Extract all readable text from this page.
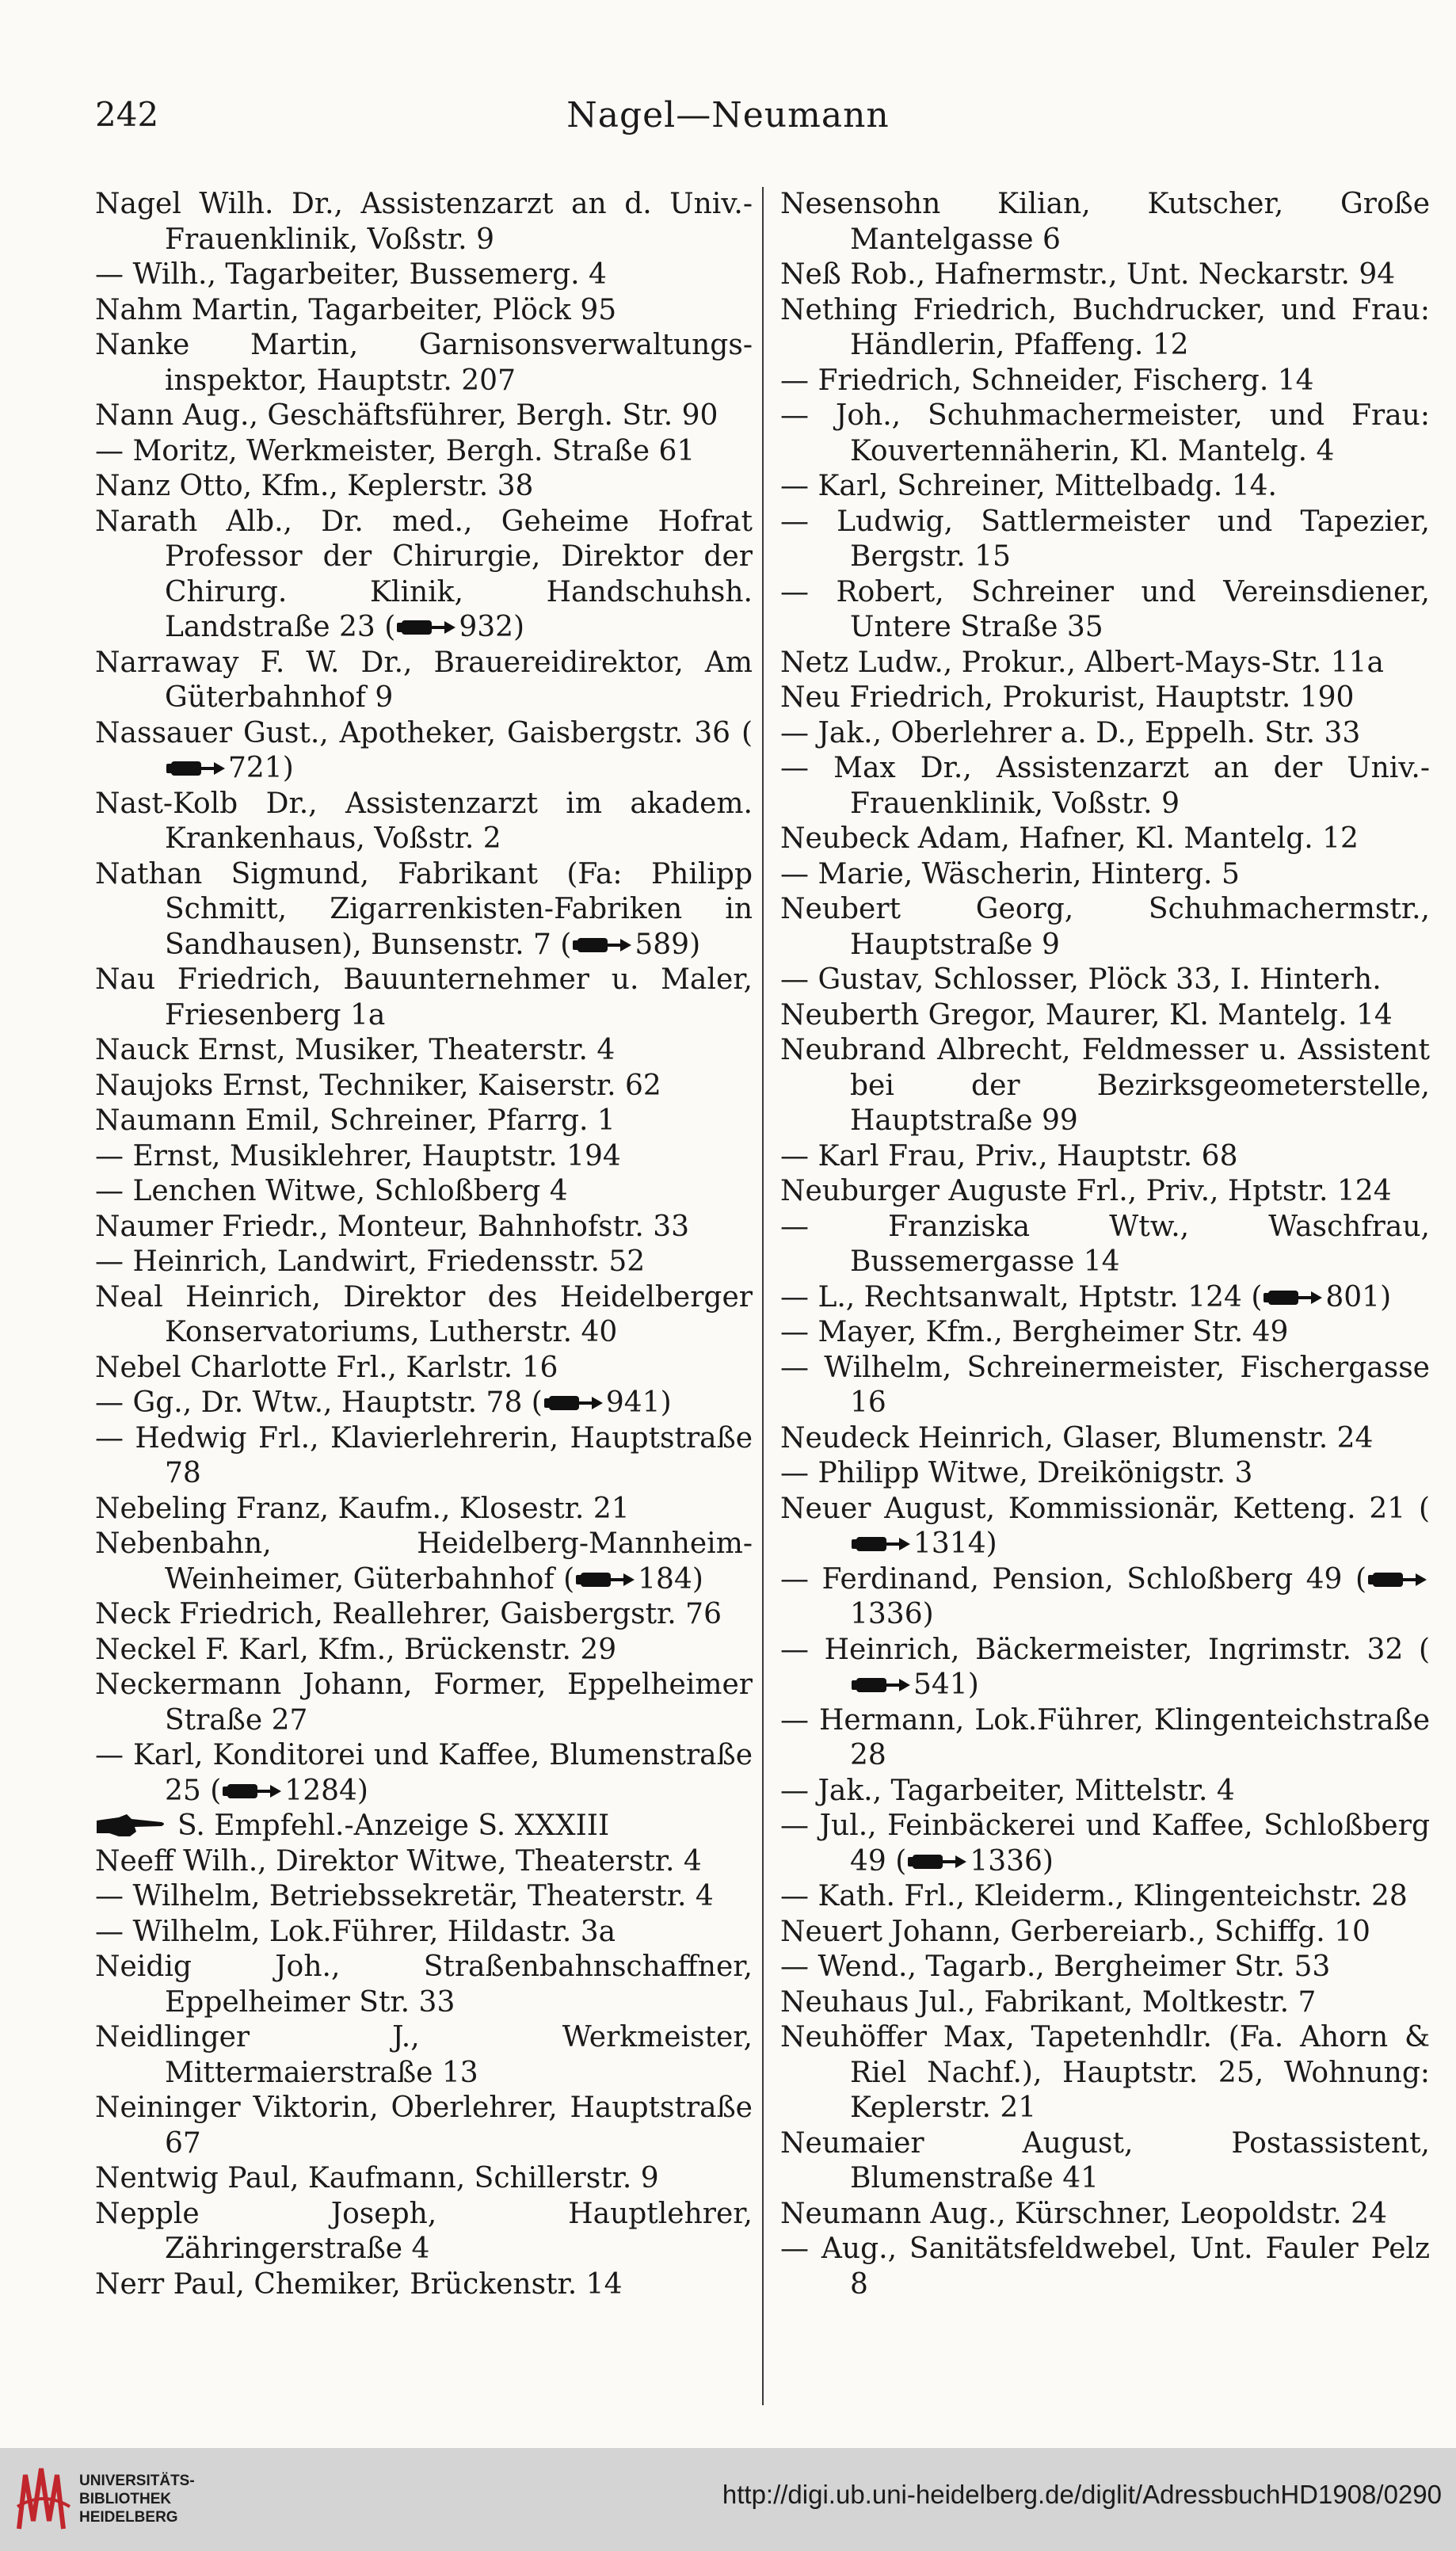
242	Nagel—Neumann

Nagel Wilh. Dr., Assistenzarzt an d. Univ.-Frauenklinik, Voßstr. 9

— Wilh., Tagarbeiter, Bussemerg. 4

Nahm Martin, Tagarbeiter, Plöck 95

Nanke Martin, Garnisonsverwaltungs-inspektor, Hauptstr. 207

Nann Aug., Geschäftsführer, Bergh. Str. 90

— Moritz, Werkmeister, Bergh. Straße 61

Nanz Otto, Kfm., Keplerstr. 38

Narath Alb., Dr. med., Geheime Hofrat Professor der Chirurgie, Direktor der Chirurg. Klinik, Handschuhsh. Landstraße 23 ( 932)

Narraway F. W. Dr., Brauereidirektor, Am Güterbahnhof 9

Nassauer Gust., Apotheker, Gaisbergstr. 36 (721)

Nast-Kolb Dr., Assistenzarzt im akadem. Krankenhaus, Voßstr. 2

Nathan Sigmund, Fabrikant (Fa: Philipp Schmitt, Zigarrenkisten-Fabriken in Sandhausen), Bunsenstr. 7 ( 589)

Nau Friedrich, Bauunternehmer u. Maler, Friesenberg 1a

Nauck Ernst, Musiker, Theaterstr. 4

Naujoks Ernst, Techniker, Kaiserstr. 62

Naumann Emil, Schreiner, Pfarrg. 1

— Ernst, Musiklehrer, Hauptstr. 194

— Lenchen Witwe, Schloßberg 4

Naumer Friedr., Monteur, Bahnhofstr. 33

— Heinrich, Landwirt, Friedensstr. 52

Neal Heinrich, Direktor des Heidelberger Konservatoriums, Lutherstr. 40

Nebel Charlotte Frl., Karlstr. 16

— Gg., Dr. Wtw., Hauptstr. 78 ( 941)

— Hedwig Frl., Klavierlehrerin, Hauptstraße 78

Nebeling Franz, Kaufm., Klosestr. 21

Nebenbahn, Heidelberg-Mannheim-Weinheimer, Güterbahnhof ( 184)

Neck Friedrich, Reallehrer, Gaisbergstr. 76

Neckel F. Karl, Kfm., Brückenstr. 29

Neckermann Johann, Former, Eppelheimer Straße 27

— Karl, Konditorei und Kaffee, Blumenstraße 25 ( 1284)

S. Empfehl.-Anzeige S. XXXIII

Neeff Wilh., Direktor Witwe, Theaterstr. 4

— Wilhelm, Betriebssekretär, Theaterstr. 4

— Wilhelm, Lok.Führer, Hildastr. 3a

Neidig Joh., Straßenbahnschaffner, Eppelheimer Str. 33

Neidlinger J., Werkmeister, Mittermaierstraße 13

Neininger Viktorin, Oberlehrer, Hauptstraße 67

Nentwig Paul, Kaufmann, Schillerstr. 9

Nepple Joseph, Hauptlehrer, Zähringerstraße 4

Nerr Paul, Chemiker, Brückenstr. 14

Nesensohn Kilian, Kutscher, Große Mantelgasse 6

Neß Rob., Hafnermstr., Unt. Neckarstr. 94

Nething Friedrich, Buchdrucker, und Frau: Händlerin, Pfaffeng. 12

— Friedrich, Schneider, Fischerg. 14

— Joh., Schuhmachermeister, und Frau: Kouvertennäherin, Kl. Mantelg. 4

— Karl, Schreiner, Mittelbadg. 14.

— Ludwig, Sattlermeister und Tapezier, Bergstr. 15

— Robert, Schreiner und Vereinsdiener, Untere Straße 35

Netz Ludw., Prokur., Albert-Mays-Str. 11a

Neu Friedrich, Prokurist, Hauptstr. 190

— Jak., Oberlehrer a. D., Eppelh. Str. 33

— Max Dr., Assistenzarzt an der Univ.-Frauenklinik, Voßstr. 9

Neubeck Adam, Hafner, Kl. Mantelg. 12

— Marie, Wäscherin, Hinterg. 5

Neubert Georg, Schuhmachermstr., Hauptstraße 9

— Gustav, Schlosser, Plöck 33, I. Hinterh.

Neuberth Gregor, Maurer, Kl. Mantelg. 14

Neubrand Albrecht, Feldmesser u. Assistent bei der Bezirksgeometerstelle, Hauptstraße 99

— Karl Frau, Priv., Hauptstr. 68

Neuburger Auguste Frl., Priv., Hptstr. 124

— Franziska Wtw., Waschfrau, Bussemergasse 14

— L., Rechtsanwalt, Hptstr. 124 ( 801)

— Mayer, Kfm., Bergheimer Str. 49

— Wilhelm, Schreinermeister, Fischergasse 16

Neudeck Heinrich, Glaser, Blumenstr. 24

— Philipp Witwe, Dreikönigstr. 3

Neuer August, Kommissionär, Ketteng. 21 (1314)

— Ferdinand, Pension, Schloßberg 49 (1336)

— Heinrich, Bäckermeister, Ingrimstr. 32 (541)

— Hermann, Lok.Führer, Klingenteichstraße 28

— Jak., Tagarbeiter, Mittelstr. 4

— Jul., Feinbäckerei und Kaffee, Schloßberg 49 ( 1336)

— Kath. Frl., Kleiderm., Klingenteichstr. 28

Neuert Johann, Gerbereiarb., Schiffg. 10

— Wend., Tagarb., Bergheimer Str. 53

Neuhaus Jul., Fabrikant, Moltkestr. 7

Neuhöffer Max, Tapetenhdlr. (Fa. Ahorn & Riel Nachf.), Hauptstr. 25, Wohnung: Keplerstr. 21

Neumaier August, Postassistent, Blumenstraße 41

Neumann Aug., Kürschner, Leopoldstr. 24

— Aug., Sanitätsfeldwebel, Unt. Fauler Pelz 8

UNIVERSITÄTS-
BIBLIOTHEK
HEIDELBERG
http://digi.ub.uni-heidelberg.de/diglit/AdressbuchHD1908/0290
